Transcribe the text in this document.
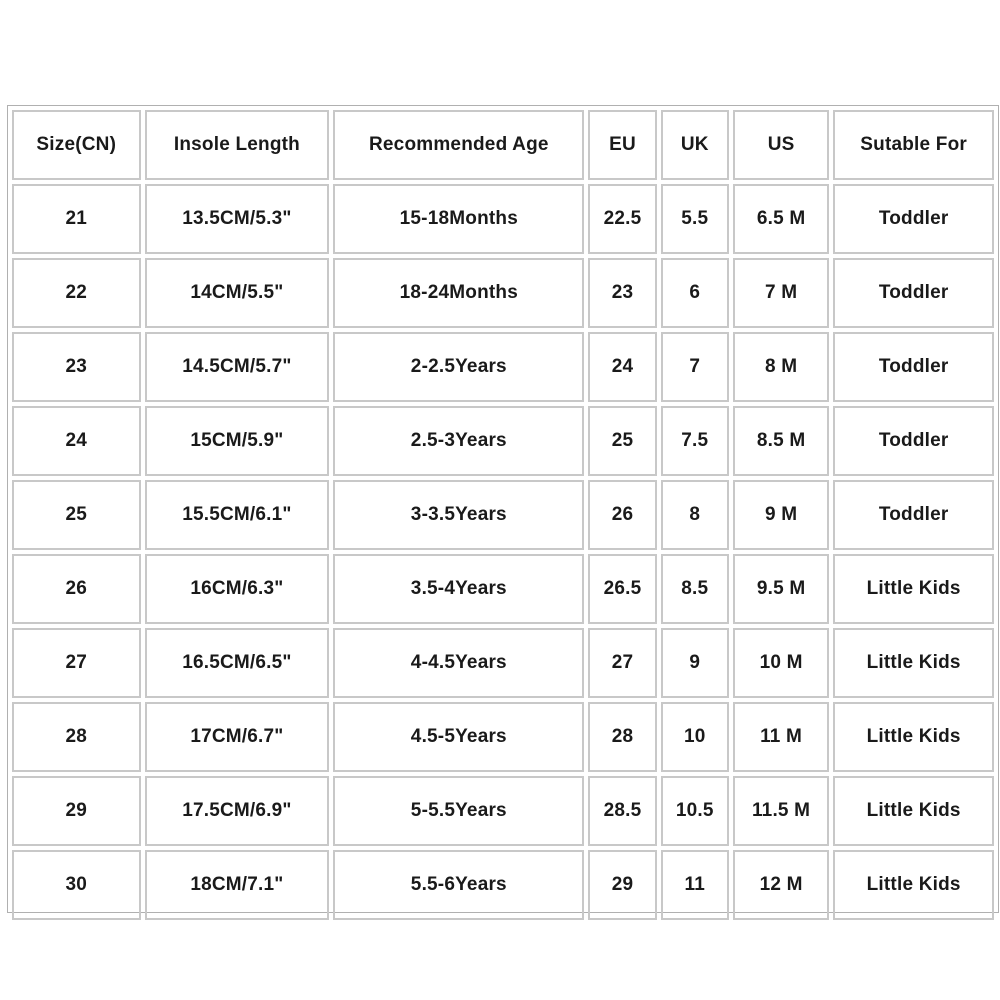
Size(CN)	Insole Length	Recommended Age	EU	UK	US	Sutable For
21	13.5CM/5.3"	15-18Months	22.5	5.5	6.5 M	Toddler
22	14CM/5.5"	18-24Months	23	6	7 M	Toddler
23	14.5CM/5.7"	2-2.5Years	24	7	8 M	Toddler
24	15CM/5.9"	2.5-3Years	25	7.5	8.5 M	Toddler
25	15.5CM/6.1"	3-3.5Years	26	8	9 M	Toddler
26	16CM/6.3"	3.5-4Years	26.5	8.5	9.5 M	Little Kids
27	16.5CM/6.5"	4-4.5Years	27	9	10 M	Little Kids
28	17CM/6.7"	4.5-5Years	28	10	11 M	Little Kids
29	17.5CM/6.9"	5-5.5Years	28.5	10.5	11.5 M	Little Kids
30	18CM/7.1"	5.5-6Years	29	11	12 M	Little Kids
